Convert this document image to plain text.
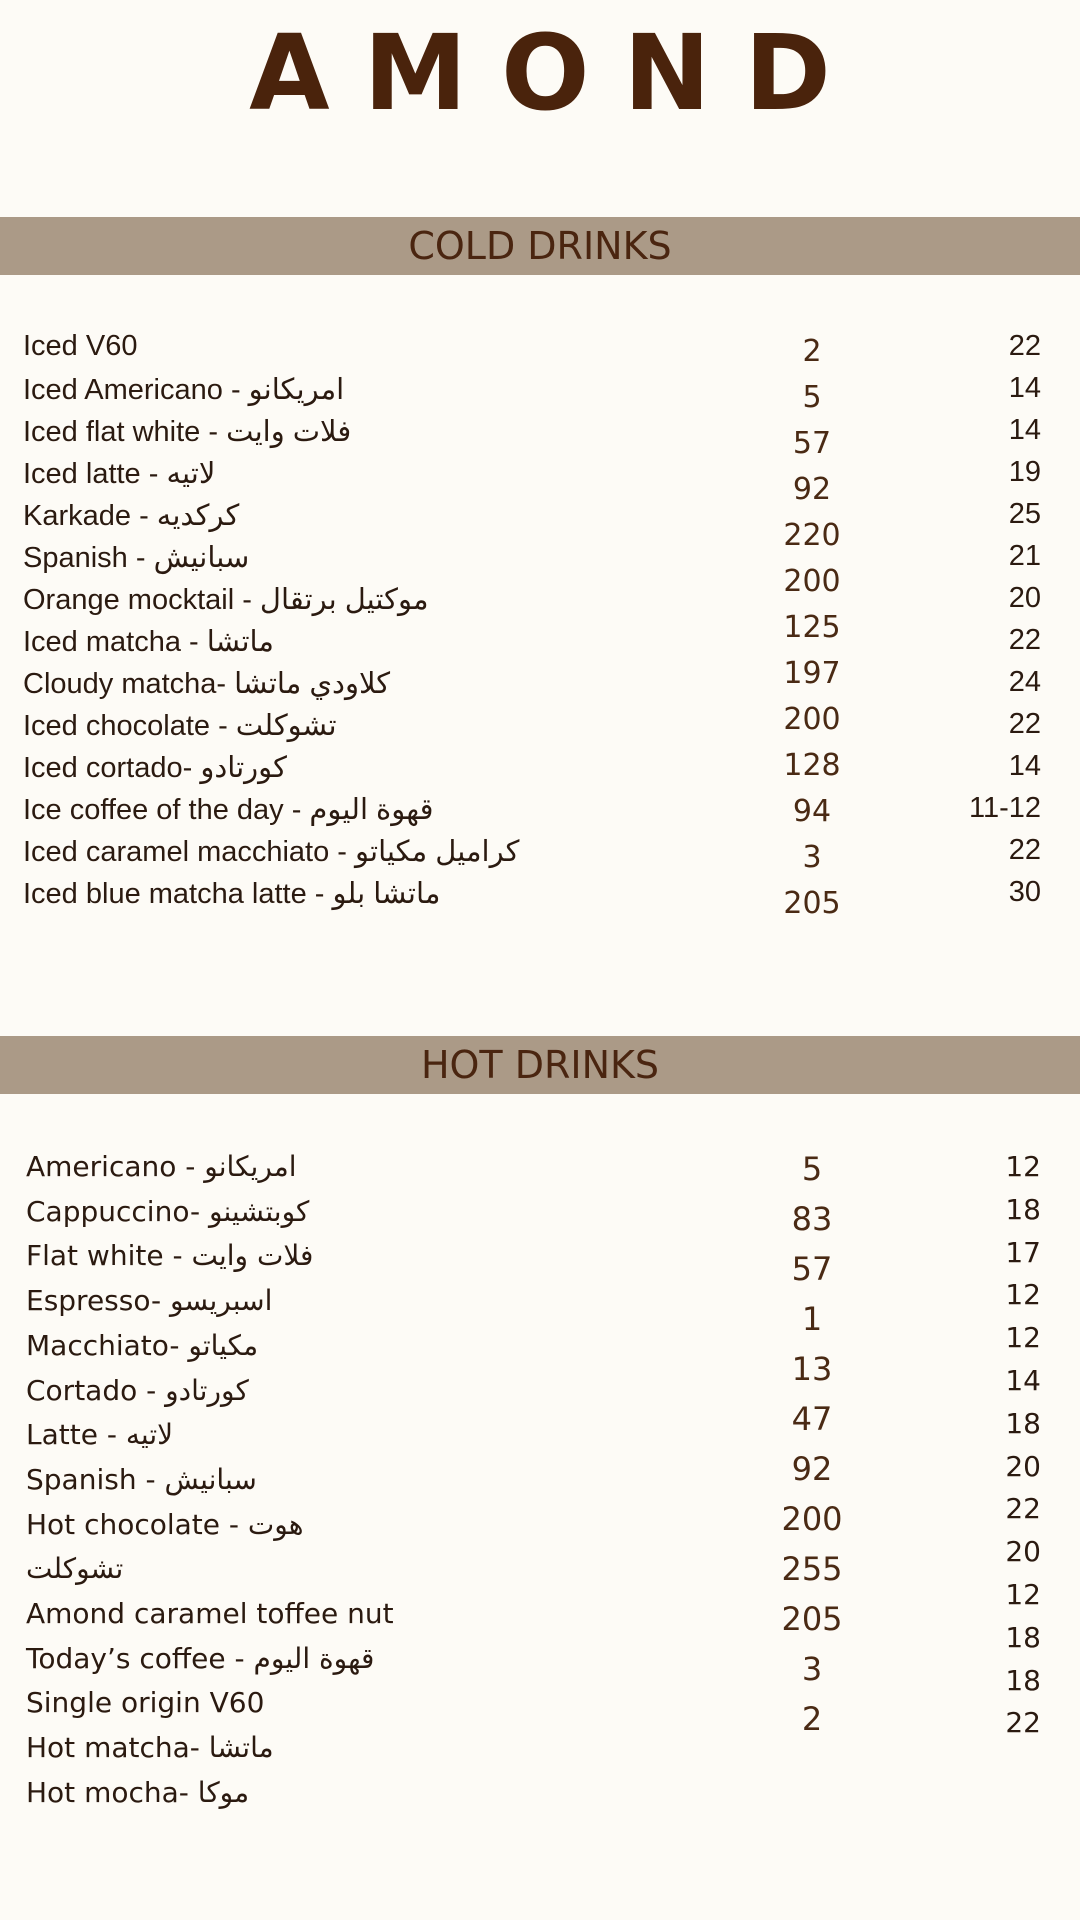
AMOND
COLD DRINKS
Iced V60
Iced Americano - امريكانو
Iced flat white - فلات وايت
Iced latte - لاتيه
Karkade - كركديه
Spanish - سبانيش
Orange mocktail - موكتيل برتقال
Iced matcha - ماتشا
Cloudy matcha- كلاودي ماتشا
Iced chocolate - تشوكلت
Iced cortado- كورتادو
Ice coffee of the day - قهوة اليوم
Iced caramel macchiato - كراميل مكياتو
Iced blue matcha latte - ماتشا بلو
2
5
57
92
220
200
125
197
200
128
94
3
205
22
14
14
19
25
21
20
22
24
22
14
11-12
22
30
HOT DRINKS
Americano - امريكانو
Cappuccino- كوبتشينو
Flat white - فلات وايت
Espresso- اسبريسو
Macchiato- مكياتو
Cortado - كورتادو
Latte - لاتيه
Spanish - سبانيش
Hot chocolate - هوت
تشوكلت
Amond caramel toffee nut
Today’s coffee - قهوة اليوم
Single origin V60
Hot matcha- ماتشا
Hot mocha- موكا
5
83
57
1
13
47
92
200
255
205
3
2
12
18
17
12
12
14
18
20
22
20
12
18
18
22
